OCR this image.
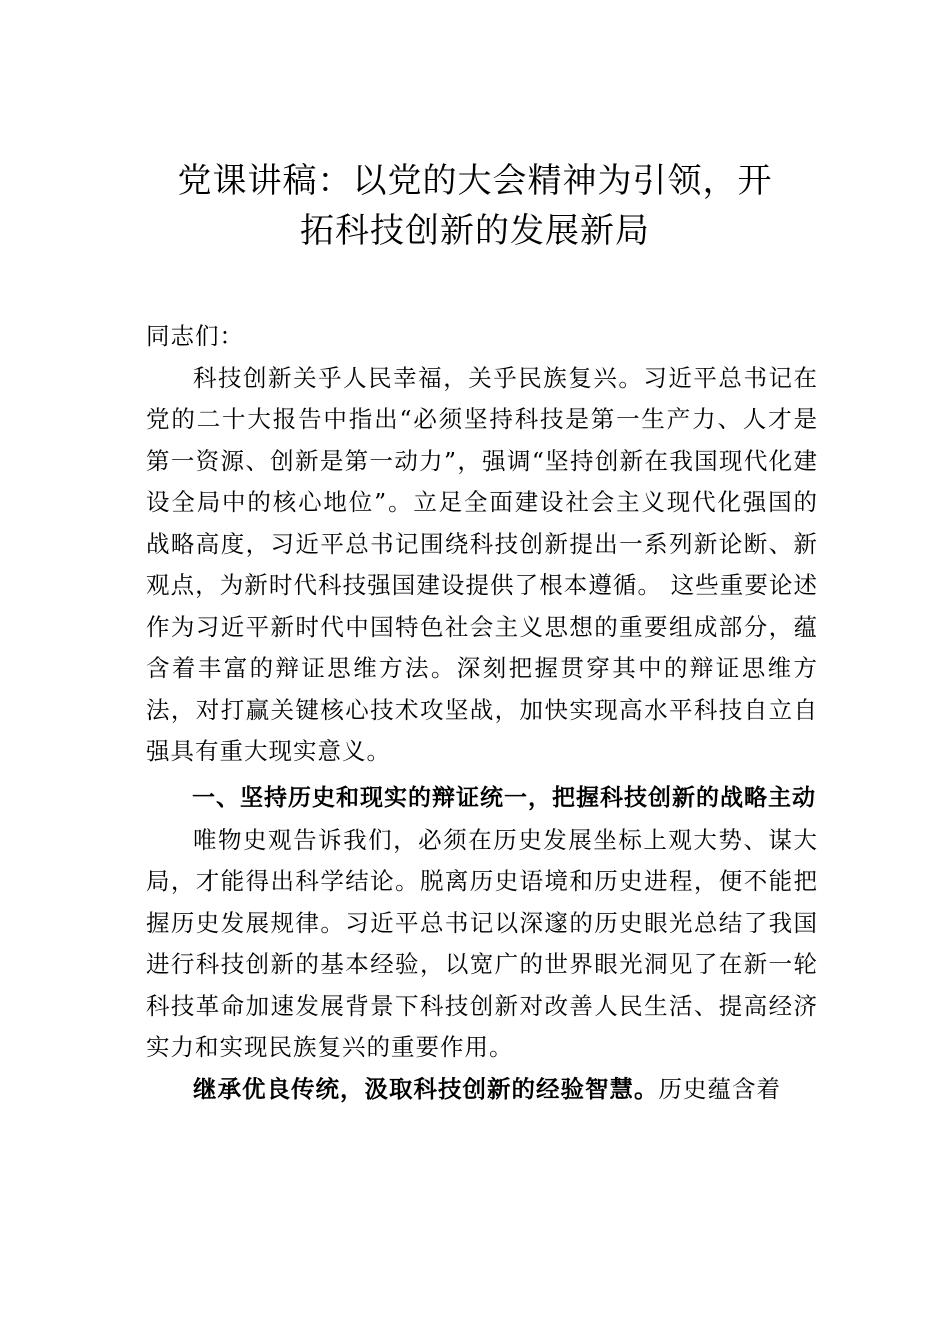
党课讲稿：以党的大会精神为引领，开
拓科技创新的发展新局

同志们：

科技创新关乎人民幸福，关乎民族复兴。习近平总书记在党的二十大报告中指出“必须坚持科技是第一生产力、人才是第一资源、创新是第一动力”，强调“坚持创新在我国现代化建设全局中的核心地位”。立足全面建设社会主义现代化强国的战略高度，习近平总书记围绕科技创新提出一系列新论断、新观点，为新时代科技强国建设提供了根本遵循。 这些重要论述作为习近平新时代中国特色社会主义思想的重要组成部分，蕴含着丰富的辩证思维方法。深刻把握贯穿其中的辩证思维方法，对打赢关键核心技术攻坚战，加快实现高水平科技自立自强具有重大现实意义。

一、坚持历史和现实的辩证统一，把握科技创新的战略主动

唯物史观告诉我们，必须在历史发展坐标上观大势、谋大局，才能得出科学结论。脱离历史语境和历史进程，便不能把握历史发展规律。习近平总书记以深邃的历史眼光总结了我国进行科技创新的基本经验，以宽广的世界眼光洞见了在新一轮科技革命加速发展背景下科技创新对改善人民生活、提高经济实力和实现民族复兴的重要作用。

继承优良传统，汲取科技创新的经验智慧。历史蕴含着
